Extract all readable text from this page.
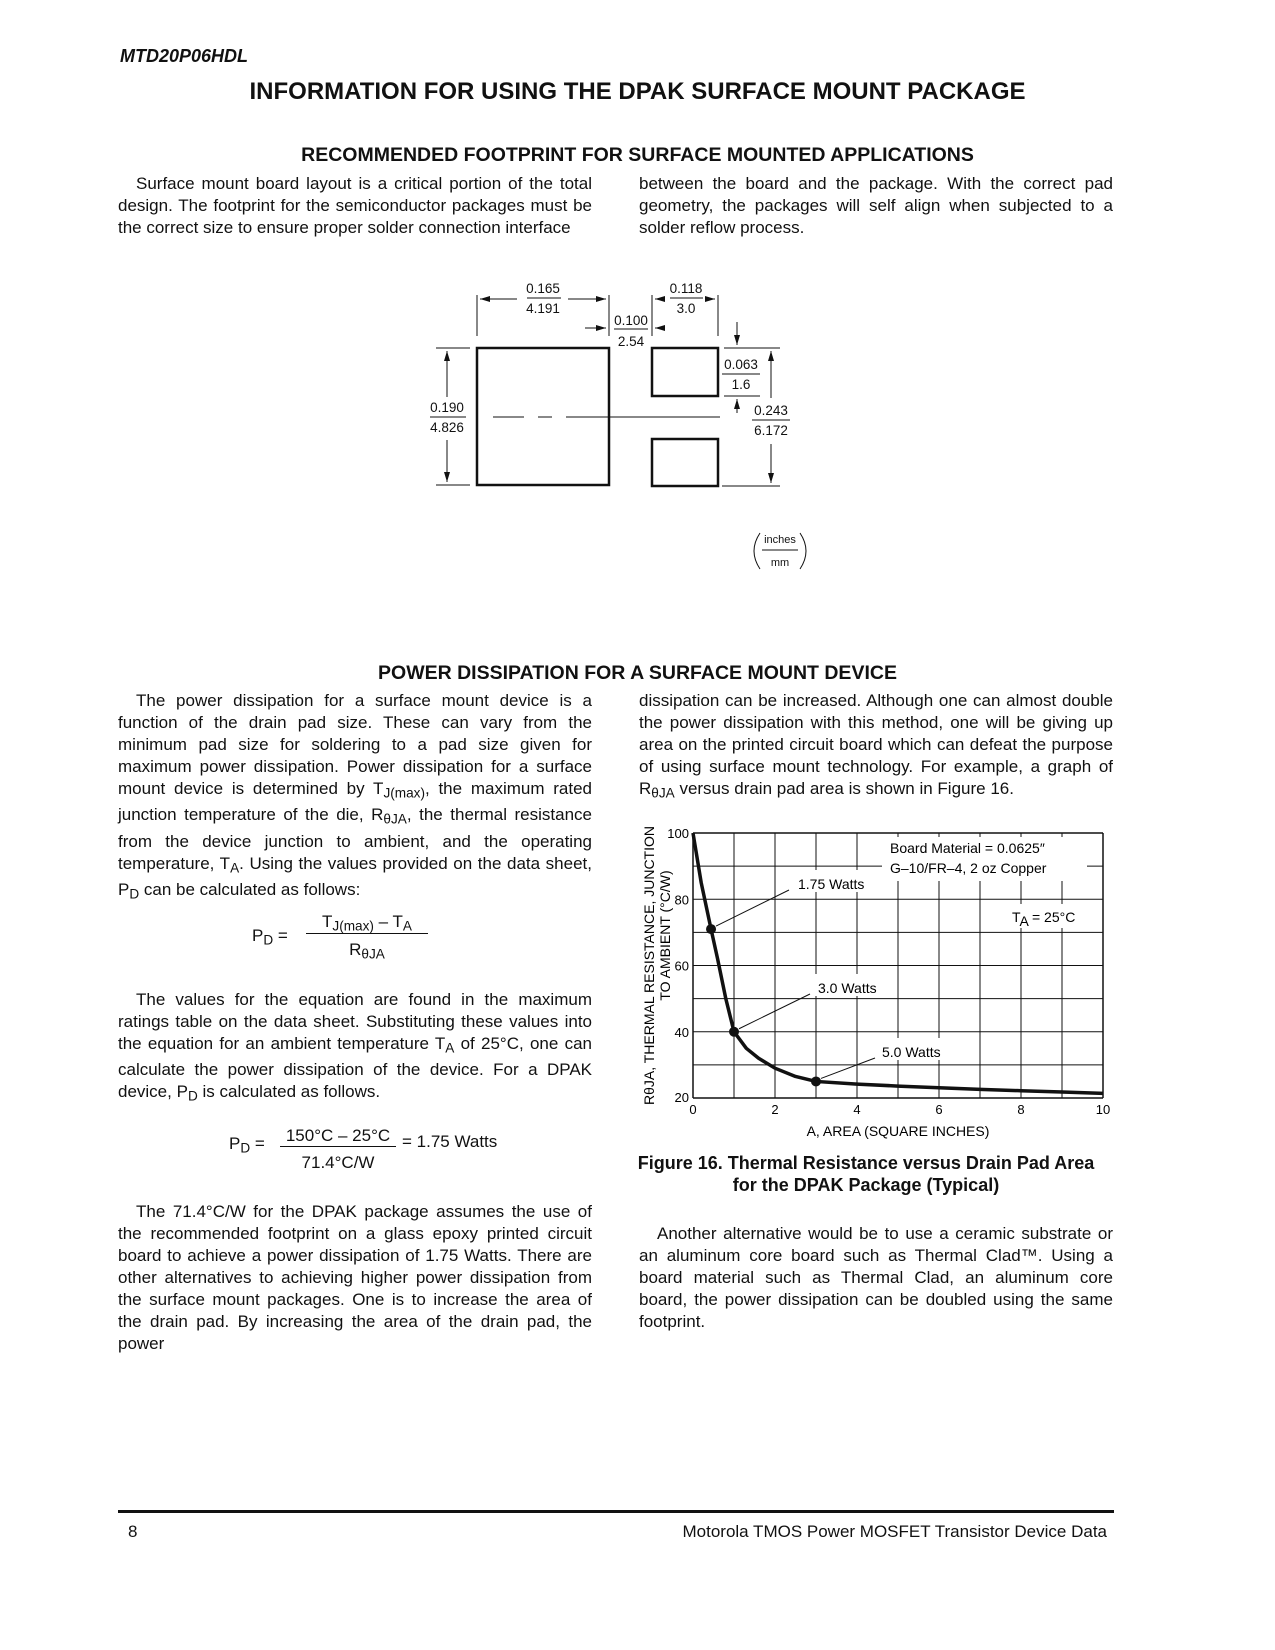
MTD20P06HDL
INFORMATION FOR USING THE DPAK SURFACE MOUNT PACKAGE
RECOMMENDED FOOTPRINT FOR SURFACE MOUNTED APPLICATIONS

Surface mount board layout is a critical portion of the total design. The footprint for the semiconductor packages must be the correct size to ensure proper solder connection interface

between the board and the package. With the correct pad geometry, the packages will self align when subjected to a solder reflow process.

0.165
4.191
0.118
3.0
0.100
2.54
0.063
1.6
0.190
4.826
0.243
6.172
inches
mm
POWER DISSIPATION FOR A SURFACE MOUNT DEVICE

The power dissipation for a surface mount device is a function of the drain pad size. These can vary from the minimum pad size for soldering to a pad size given for maximum power dissipation. Power dissipation for a surface mount device is determined by $T_{J(max)}$, the maximum rated junction temperature of the die, $R_{\theta JA}$, the thermal resistance from the device junction to ambient, and the operating temperature, $T_A$. Using the values provided on the data sheet, $P_D$ can be calculated as follows:

$P_D$ =
$T_{J(max)} - T_A$
$R_{\theta JA}$

The values for the equation are found in the maximum ratings table on the data sheet. Substituting these values into the equation for an ambient temperature $T_A$ of 25°C, one can calculate the power dissipation of the device. For a DPAK device, $P_D$ is calculated as follows.

$P_D$ =	150°C – 25°C
71.4°C/W
= 1.75 Watts

The 71.4°C/W for the DPAK package assumes the use of the recommended footprint on a glass epoxy printed circuit board to achieve a power dissipation of 1.75 Watts. There are other alternatives to achieving higher power dissipation from the surface mount packages. One is to increase the area of the drain pad. By increasing the area of the drain pad, the power

dissipation can be increased. Although one can almost double the power dissipation with this method, one will be giving up area on the printed circuit board which can defeat the purpose of using surface mount technology. For example, a graph of $R_{\theta JA}$ versus drain pad area is shown in Figure 16.

0	2	4	6	8	10
20
40
60
80
100
1.75 Watts
3.0 Watts
5.0 Watts
Board Material = 0.0625″
G–10/FR–4, 2 oz Copper
TA = 25°C
A, AREA (SQUARE INCHES)
RθJA, THERMAL RESISTANCE, JUNCTION TO AMBIENT (°C/W)
Figure 16. Thermal Resistance versus Drain Pad Area for the DPAK Package (Typical)

Another alternative would be to use a ceramic substrate or an aluminum core board such as Thermal Clad™. Using a board material such as Thermal Clad, an aluminum core board, the power dissipation can be doubled using the same footprint.

8	Motorola TMOS Power MOSFET Transistor Device Data
